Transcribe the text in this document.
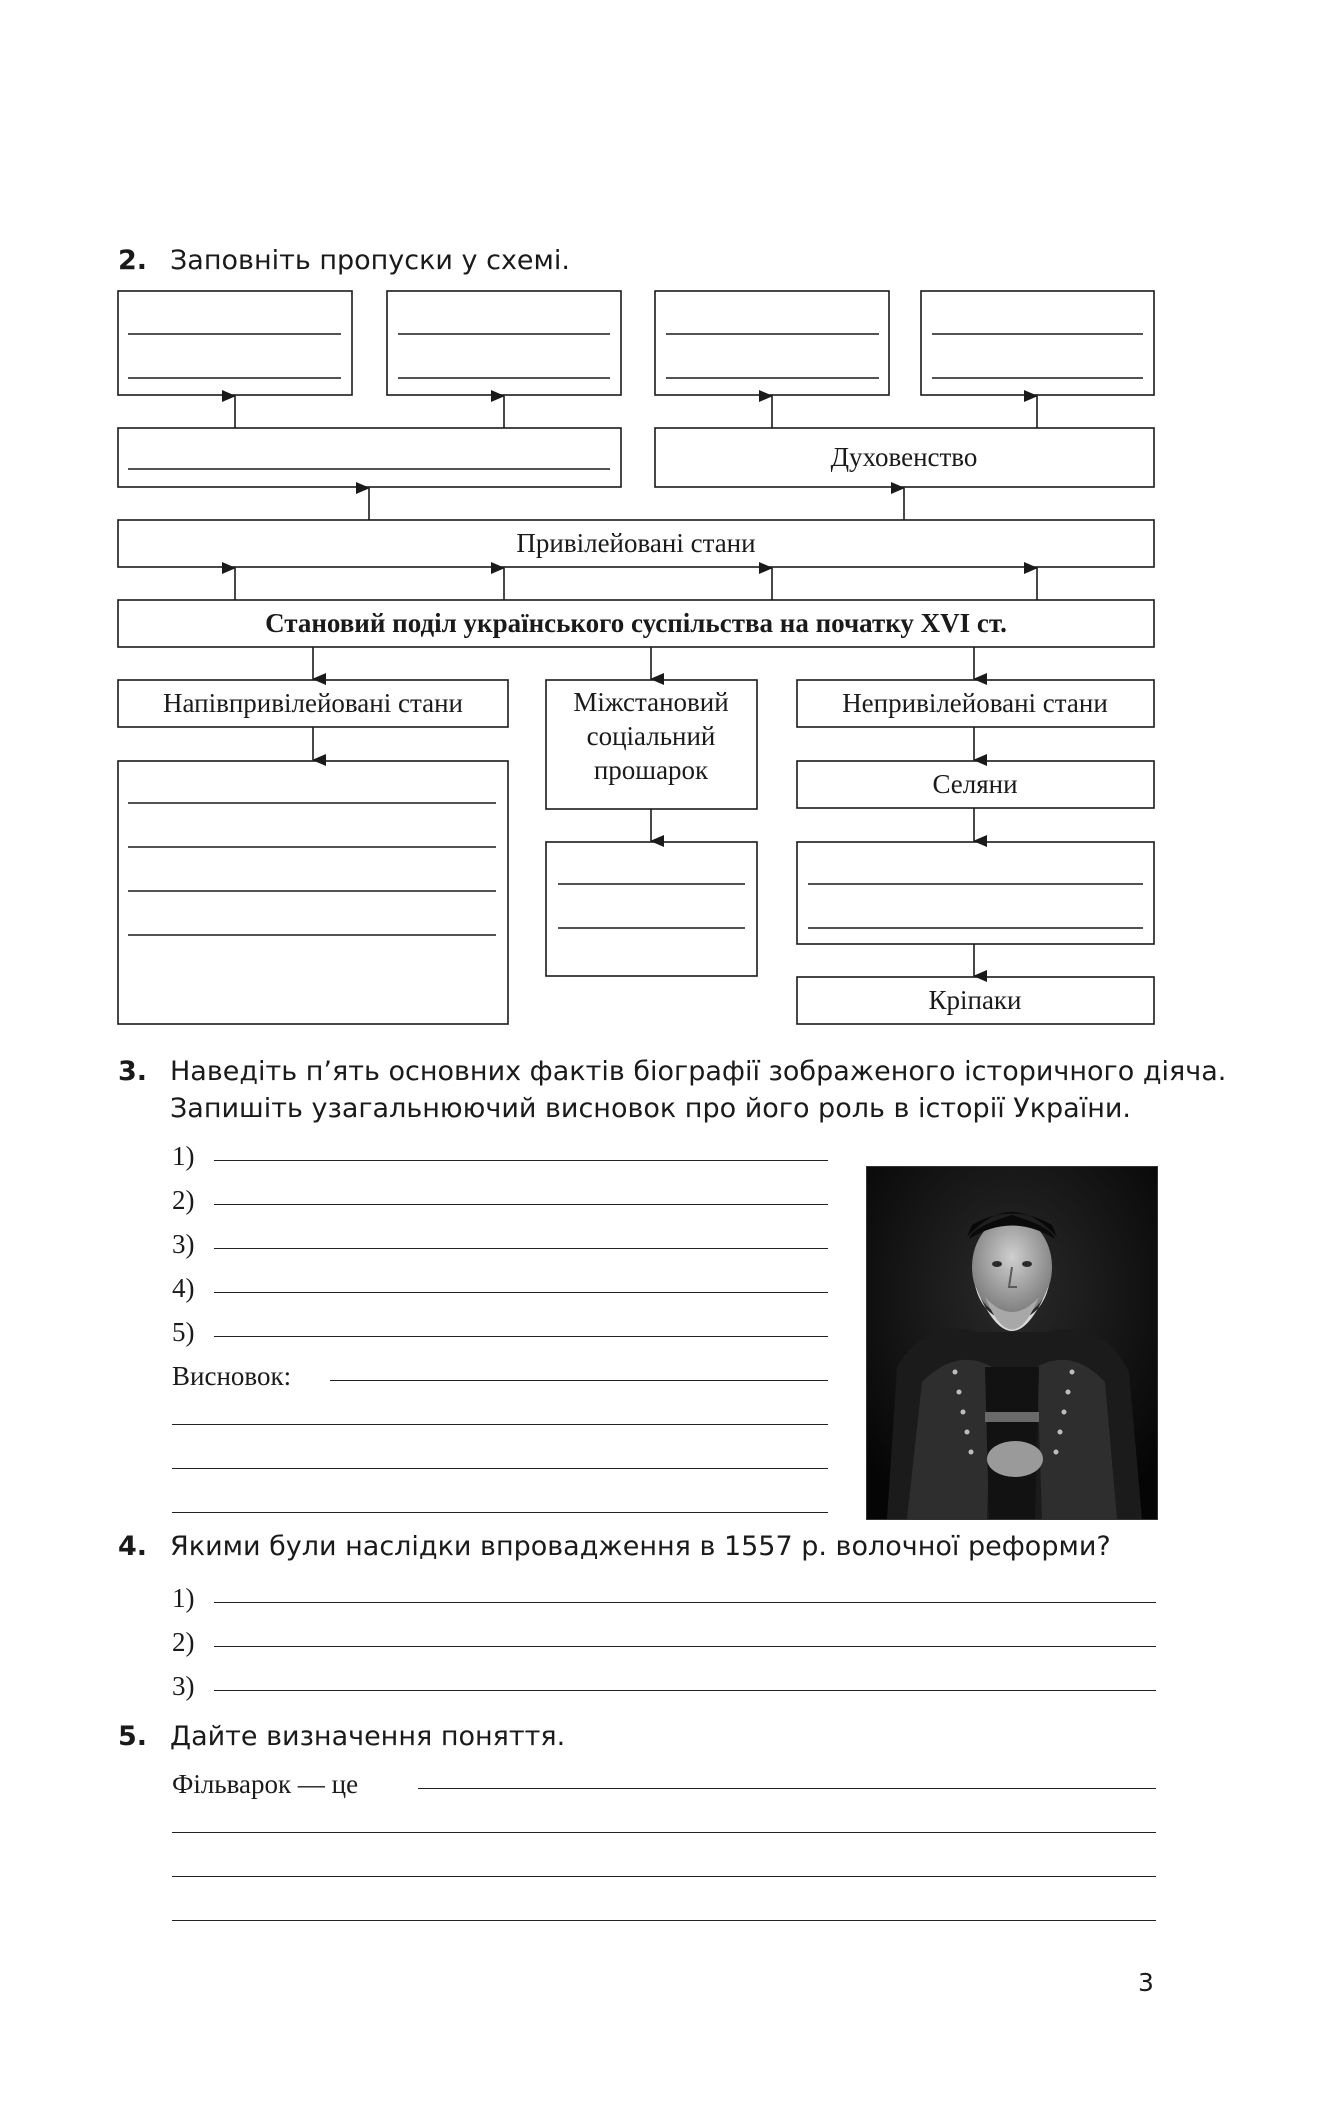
2. Заповніть пропуски у схемі.
Духовенство
Привілейовані стани
Становий поділ українського суспільства на початку XVI ст.
Напівпривілейовані стани	Міжстановий
соціальний
прошарок
Непривілейовані стани
Селяни
Кріпаки
3. Наведіть п’ять основних фактів біографії зображеного історичного діяча.
Запишіть узагальнюючий висновок про його роль в історії України.
1)
2)
3)
4)
5)
Висновок:
4. Якими були наслідки впровадження в 1557 р. волочної реформи?
1)
2)
3)
5. Дайте визначення поняття.
Фільварок — це
3
